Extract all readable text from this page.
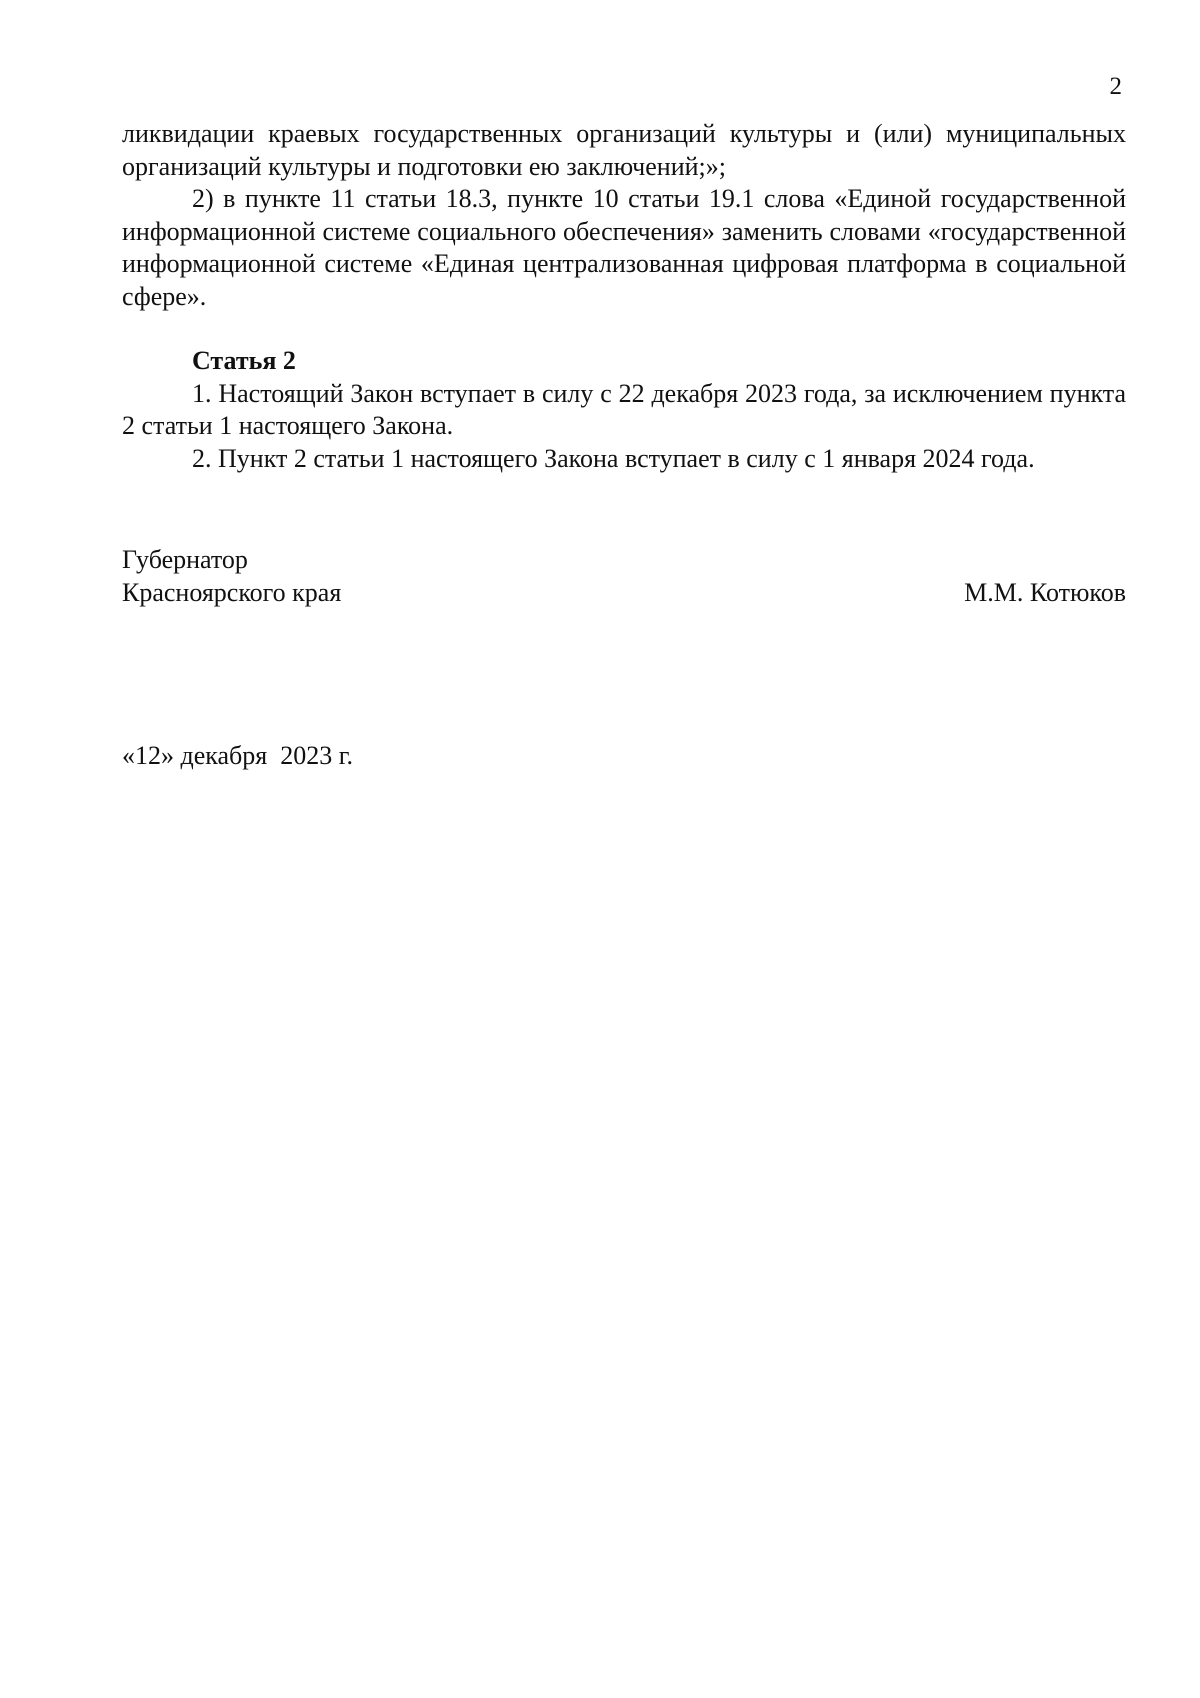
2

ликвидации краевых государственных организаций культуры и (или) муниципальных организаций культуры и подготовки ею заключений;»;

2) в пункте 11 статьи 18.3, пункте 10 статьи 19.1 слова «Единой государственной информационной системе социального обеспечения» заменить словами «государственной информационной системе «Единая централизованная цифровая платформа в социальной сфере».

Статья 2

1. Настоящий Закон вступает в силу с 22 декабря 2023 года, за исключением пункта 2 статьи 1 настоящего Закона.

2. Пункт 2 статьи 1 настоящего Закона вступает в силу с 1 января 2024 года.

Губернатор
Красноярского края	М.М. Котюков
«12» декабря  2023 г.
